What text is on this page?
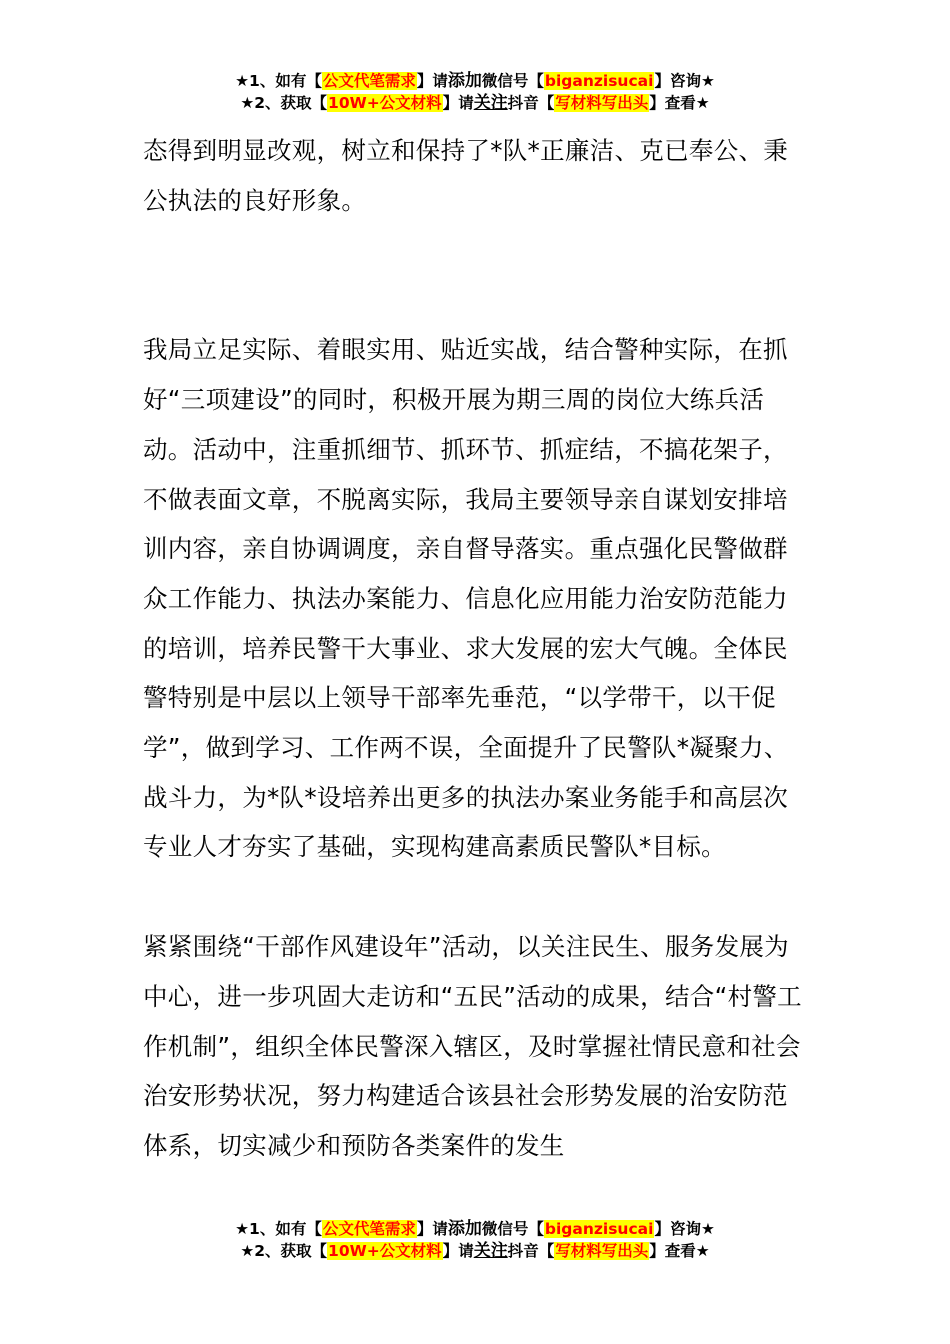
★1、如有【公文代笔需求】请添加微信号【biganzisucai】咨询★
★2、获取【10W+公文材料】请关注抖音【写材料写出头】查看★

态得到明显改观，树立和保持了*队*正廉洁、克已奉公、秉公执法的良好形象。

我局立足实际、着眼实用、贴近实战，结合警种实际，在抓好“三项建设”的同时，积极开展为期三周的岗位大练兵活动。活动中，注重抓细节、抓环节、抓症结，不搞花架子，不做表面文章，不脱离实际，我局主要领导亲自谋划安排培训内容，亲自协调调度，亲自督导落实。重点强化民警做群众工作能力、执法办案能力、信息化应用能力治安防范能力的培训，培养民警干大事业、求大发展的宏大气魄。全体民警特别是中层以上领导干部率先垂范，“以学带干，以干促学”，做到学习、工作两不误，全面提升了民警队*凝聚力、战斗力，为*队*设培养出更多的执法办案业务能手和高层次专业人才夯实了基础，实现构建高素质民警队*目标。

紧紧围绕“干部作风建设年”活动，以关注民生、服务发展为中心，进一步巩固大走访和“五民”活动的成果，结合“村警工作机制”，组织全体民警深入辖区，及时掌握社情民意和社会治安形势状况，努力构建适合该县社会形势发展的治安防范体系，切实减少和预防各类案件的发生

★1、如有【公文代笔需求】请添加微信号【biganzisucai】咨询★
★2、获取【10W+公文材料】请关注抖音【写材料写出头】查看★
